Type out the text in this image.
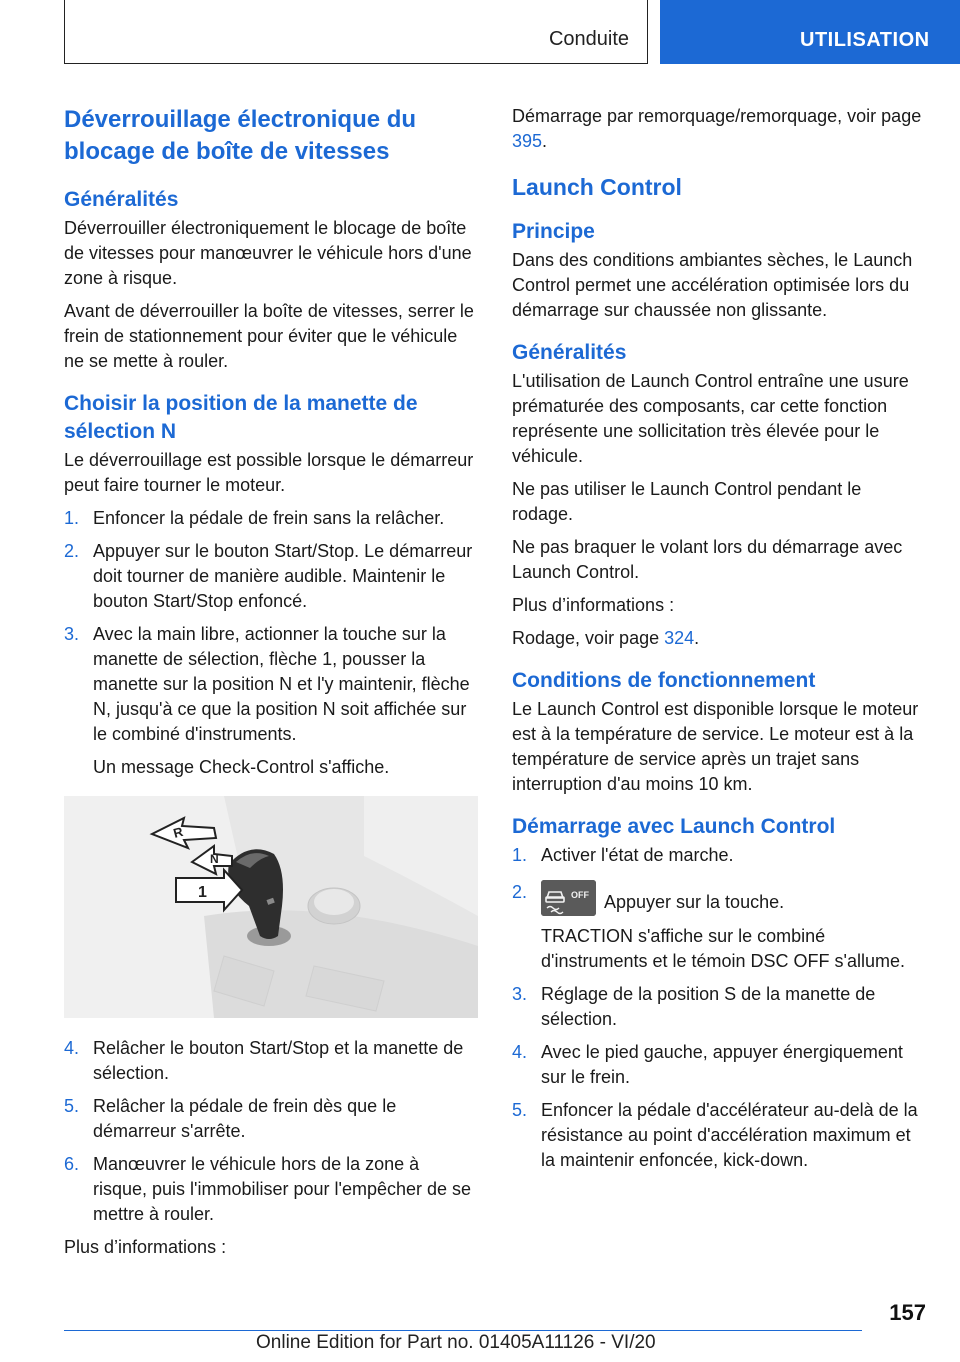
Conduite	UTILISATION
Déverrouillage électronique du blocage de boîte de vitesses
Généralités

Déverrouiller électroniquement le blocage de boîte de vitesses pour manœuvrer le véhicule hors d'une zone à risque.

Avant de déverrouiller la boîte de vitesses, serrer le frein de stationnement pour éviter que le véhicule ne se mette à rouler.

Choisir la position de la manette de sélection N

Le déverrouillage est possible lorsque le démarreur peut faire tourner le moteur.

1. Enfoncer la pédale de frein sans la relâcher.
2. Appuyer sur le bouton Start/Stop. Le démarreur doit tourner de manière audible. Maintenir le bouton Start/Stop enfoncé.
3. Avec la main libre, actionner la touche sur la manette de sélection, flèche 1, pousser la manette sur la position N et l'y maintenir, flèche N, jusqu'à ce que la position N soit affichée sur le combiné d'instruments.

Un message Check-Control s'affiche.

R
N
1
4. Relâcher le bouton Start/Stop et la manette de sélection.
5. Relâcher la pédale de frein dès que le démarreur s'arrête.
6. Manœuvrer le véhicule hors de la zone à risque, puis l'immobiliser pour l'empêcher de se mettre à rouler.

Plus d’informations :

Démarrage par remorquage/remorquage, voir page 395.

Launch Control
Principe

Dans des conditions ambiantes sèches, le Launch Control permet une accélération optimisée lors du démarrage sur chaussée non glissante.

Généralités

L'utilisation de Launch Control entraîne une usure prématurée des composants, car cette fonction représente une sollicitation très élevée pour le véhicule.

Ne pas utiliser le Launch Control pendant le rodage.

Ne pas braquer le volant lors du démarrage avec Launch Control.

Plus d’informations :

Rodage, voir page 324.

Conditions de fonctionnement

Le Launch Control est disponible lorsque le moteur est à la température de service. Le moteur est à la température de service après un trajet sans interruption d'au moins 10 km.

Démarrage avec Launch Control
1. Activer l'état de marche.
2.	OFF Appuyer sur la touche.

TRACTION s'affiche sur le combiné d'instruments et le témoin DSC OFF s'allume.

3. Réglage de la position S de la manette de sélection.
4. Avec le pied gauche, appuyer énergiquement sur le frein.
5. Enfoncer la pédale d'accélérateur au-delà de la résistance au point d'accélération maximum et la maintenir enfoncée, kick-down.
157
Online Edition for Part no. 01405A11126 - VI/20
